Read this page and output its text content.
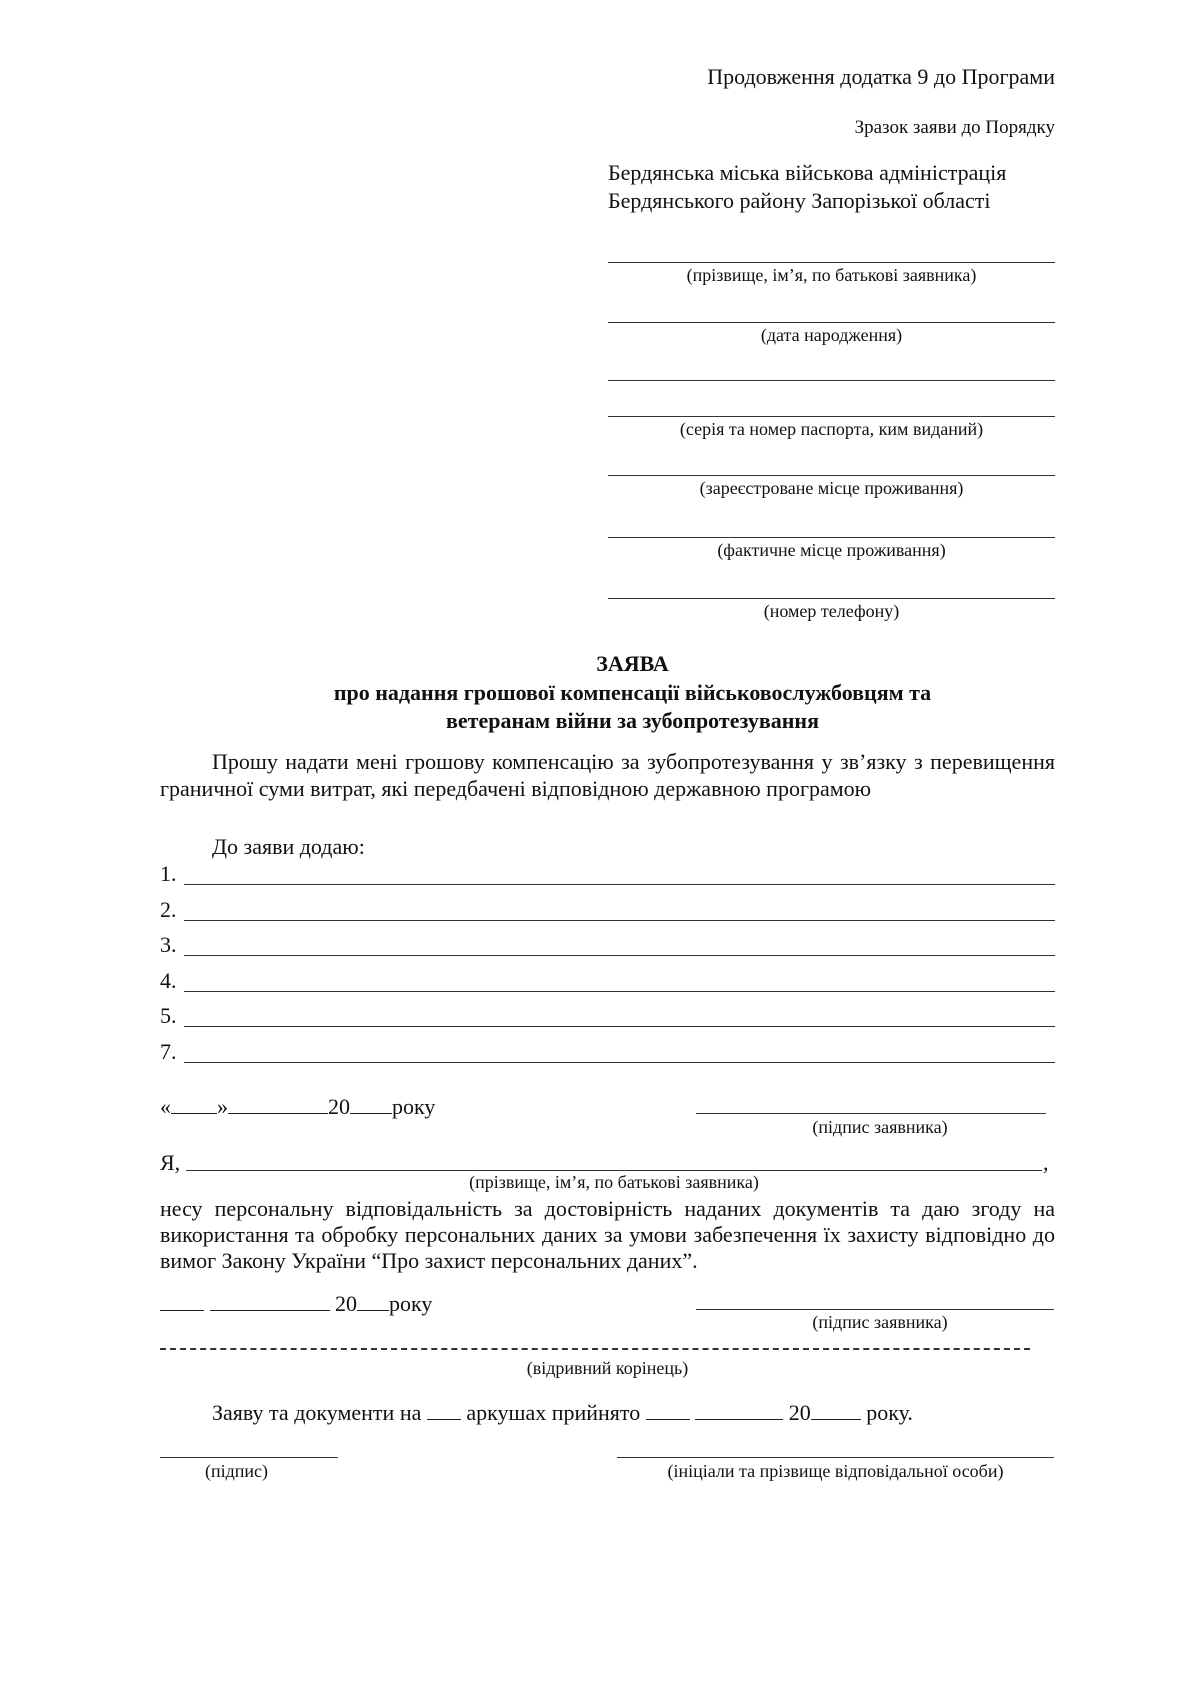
Продовження додатка 9 до Програми
Зразок заяви до Порядку
Бердянська міська військова адміністрація
Бердянського району Запорізької області
(прізвище, ім’я, по батькові заявника)
(дата народження)
(серія та номер паспорта, ким виданий)
(зареєстроване місце проживання)
(фактичне місце проживання)
(номер телефону)
ЗАЯВА
про надання грошової компенсації військовослужбовцям та
ветеранам війни за зубопротезування
Прошу надати мені грошову компенсацію за зубопротезування у зв’язку з перевищення граничної суми витрат, які передбачені відповідною державною програмою
До заяви додаю:
1.
2.
3.
4.
5.
7.
« »	20 року
(підпис заявника)
Я,	,
(прізвище, ім’я, по батькові заявника)
несу персональну відповідальність за достовірність наданих документів та даю згоду на використання та обробку персональних даних за умови забезпечення їх захисту відповідно до вимог Закону України “Про захист персональних даних”.
20 року
(підпис заявника)
(відривний корінець)
Заяву та документи на аркушах прийнято	20	року.
(підпис)	(ініціали та прізвище відповідальної особи)
